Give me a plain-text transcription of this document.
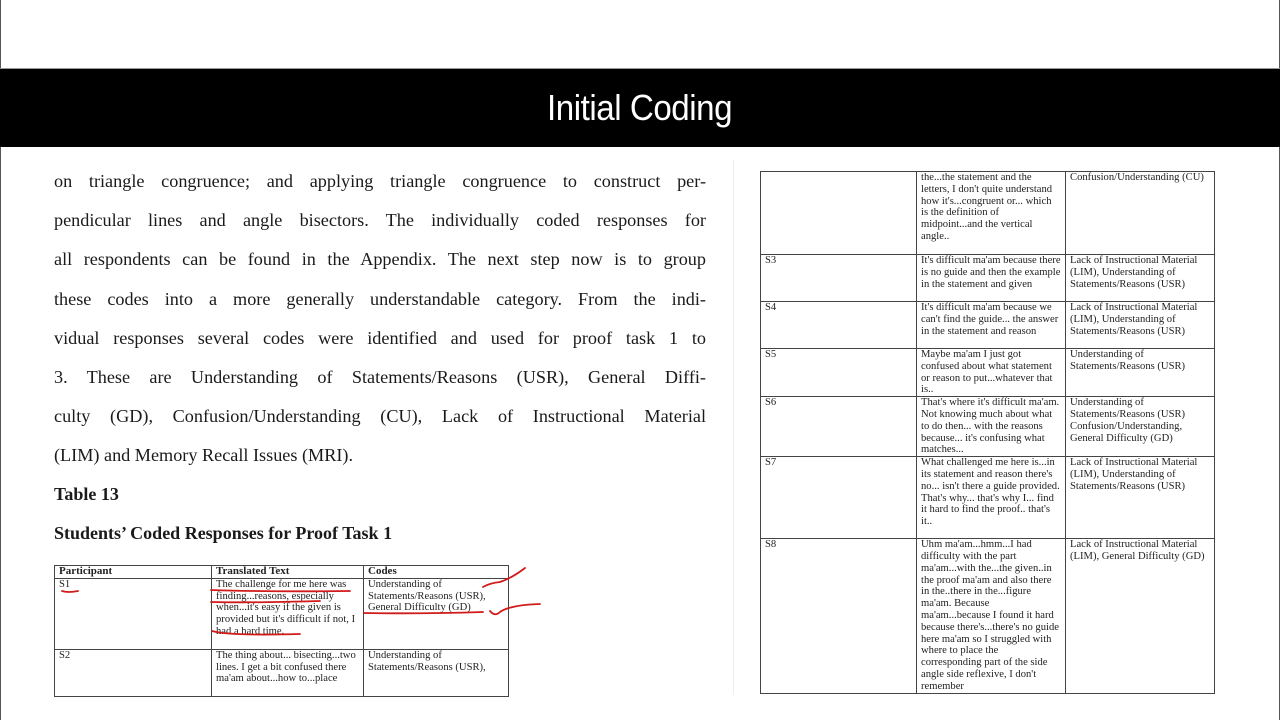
Initial Coding

on triangle congruence; and applying triangle congruence to construct per-

pendicular lines and angle bisectors. The individually coded responses for

all respondents can be found in the Appendix. The next step now is to group

these codes into a more generally understandable category. From the indi-

vidual responses several codes were identified and used for proof task 1 to

3. These are Understanding of Statements/Reasons (USR), General Diffi-

culty (GD), Confusion/Understanding (CU), Lack of Instructional Material

(LIM) and Memory Recall Issues (MRI).

Table 13
Students’ Coded Responses for Proof Task 1
Participant	Translated Text	Codes
S1	The challenge for me here was finding...reasons, especially when...it's easy if the given is provided but it's difficult if not, I had a hard time.	Understanding of Statements/Reasons (USR), General Difficulty (GD)
S2	The thing about... bisecting...two lines. I get a bit confused there ma'am about...how to...place	Understanding of Statements/Reasons (USR),
	the...the statement and the letters, I don't quite understand how it's...congruent or... which is the definition of midpoint...and the vertical angle..	Confusion/Understanding (CU)
S3	It's difficult ma'am because there is no guide and then the example in the statement and given	Lack of Instructional Material (LIM), Understanding of Statements/Reasons (USR)
S4	It's difficult ma'am because we can't find the guide... the answer in the statement and reason	Lack of Instructional Material (LIM), Understanding of Statements/Reasons (USR)
S5	Maybe ma'am I just got confused about what statement or reason to put...whatever that is..	Understanding of Statements/Reasons (USR)
S6	That's where it's difficult ma'am. Not knowing much about what to do then... with the reasons because... it's confusing what matches...	Understanding of Statements/Reasons (USR) Confusion/Understanding, General Difficulty (GD)
S7	What challenged me here is...in its statement and reason there's no... isn't there a guide provided. That's why... that's why I... find it hard to find the proof.. that's it..	Lack of Instructional Material (LIM), Understanding of Statements/Reasons (USR)
S8	Uhm ma'am...hmm...I had difficulty with the part ma'am...with the...the given..in the proof ma'am and also there in the..there in the...figure ma'am. Because ma'am...because I found it hard because there's...there's no guide here ma'am so I struggled with where to place the corresponding part of the side angle side reflexive, I don't remember	Lack of Instructional Material (LIM), General Difficulty (GD)
